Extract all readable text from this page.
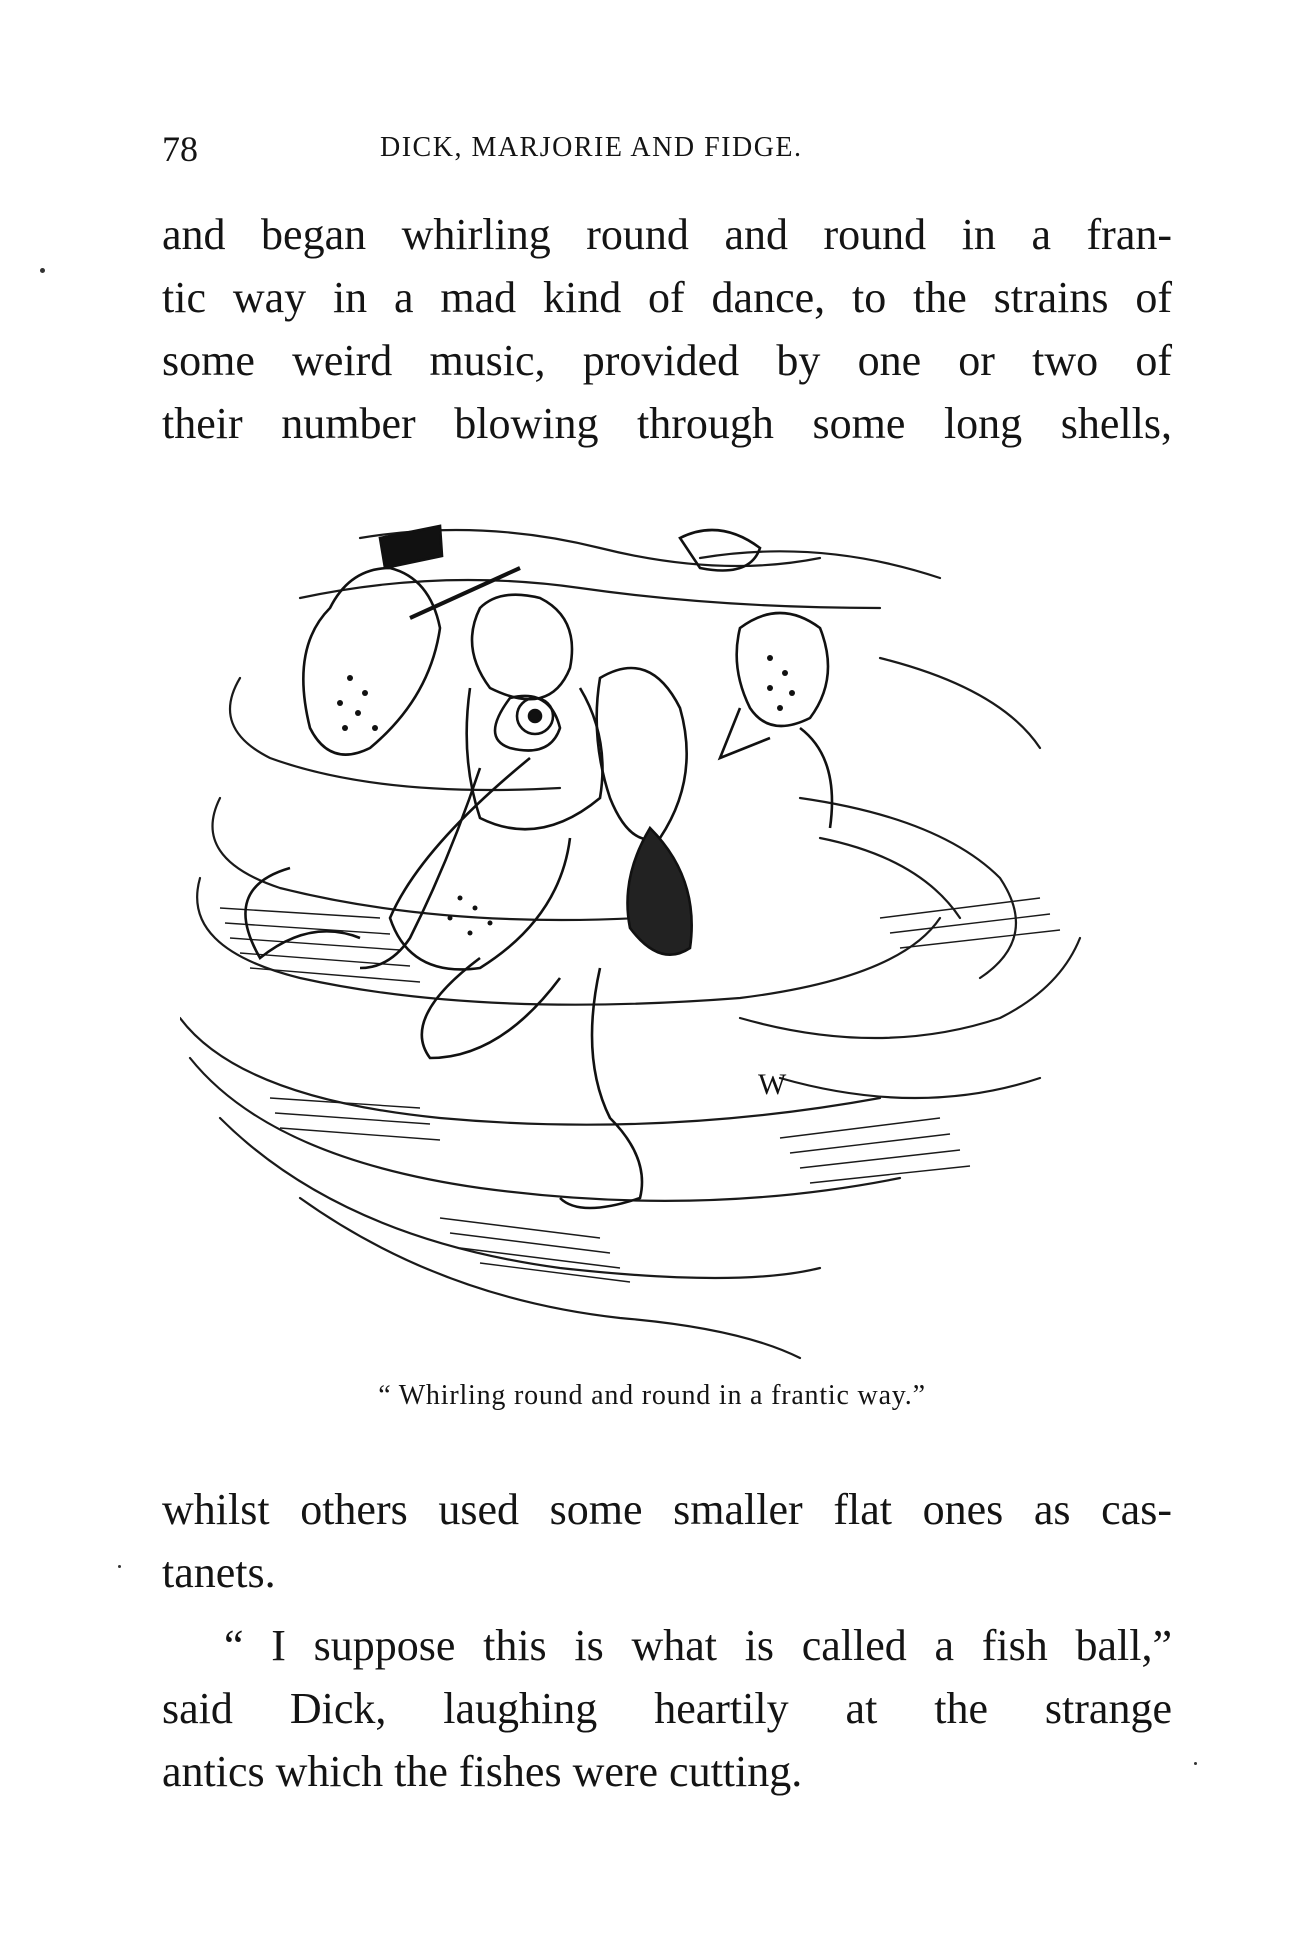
78	DICK, MARJORIE AND FIDGE.

and began whirling round and round in a fran-
tic way in a mad kind of dance, to the strains of
some weird music, provided by one or two of
their number blowing through some long shells,

W
“ Whirling round and round in a frantic way.”

whilst others used some smaller flat ones as cas-
tanets.

“ I suppose this is what is called a fish ball,”
said Dick, laughing heartily at the strange
antics which the fishes were cutting.
